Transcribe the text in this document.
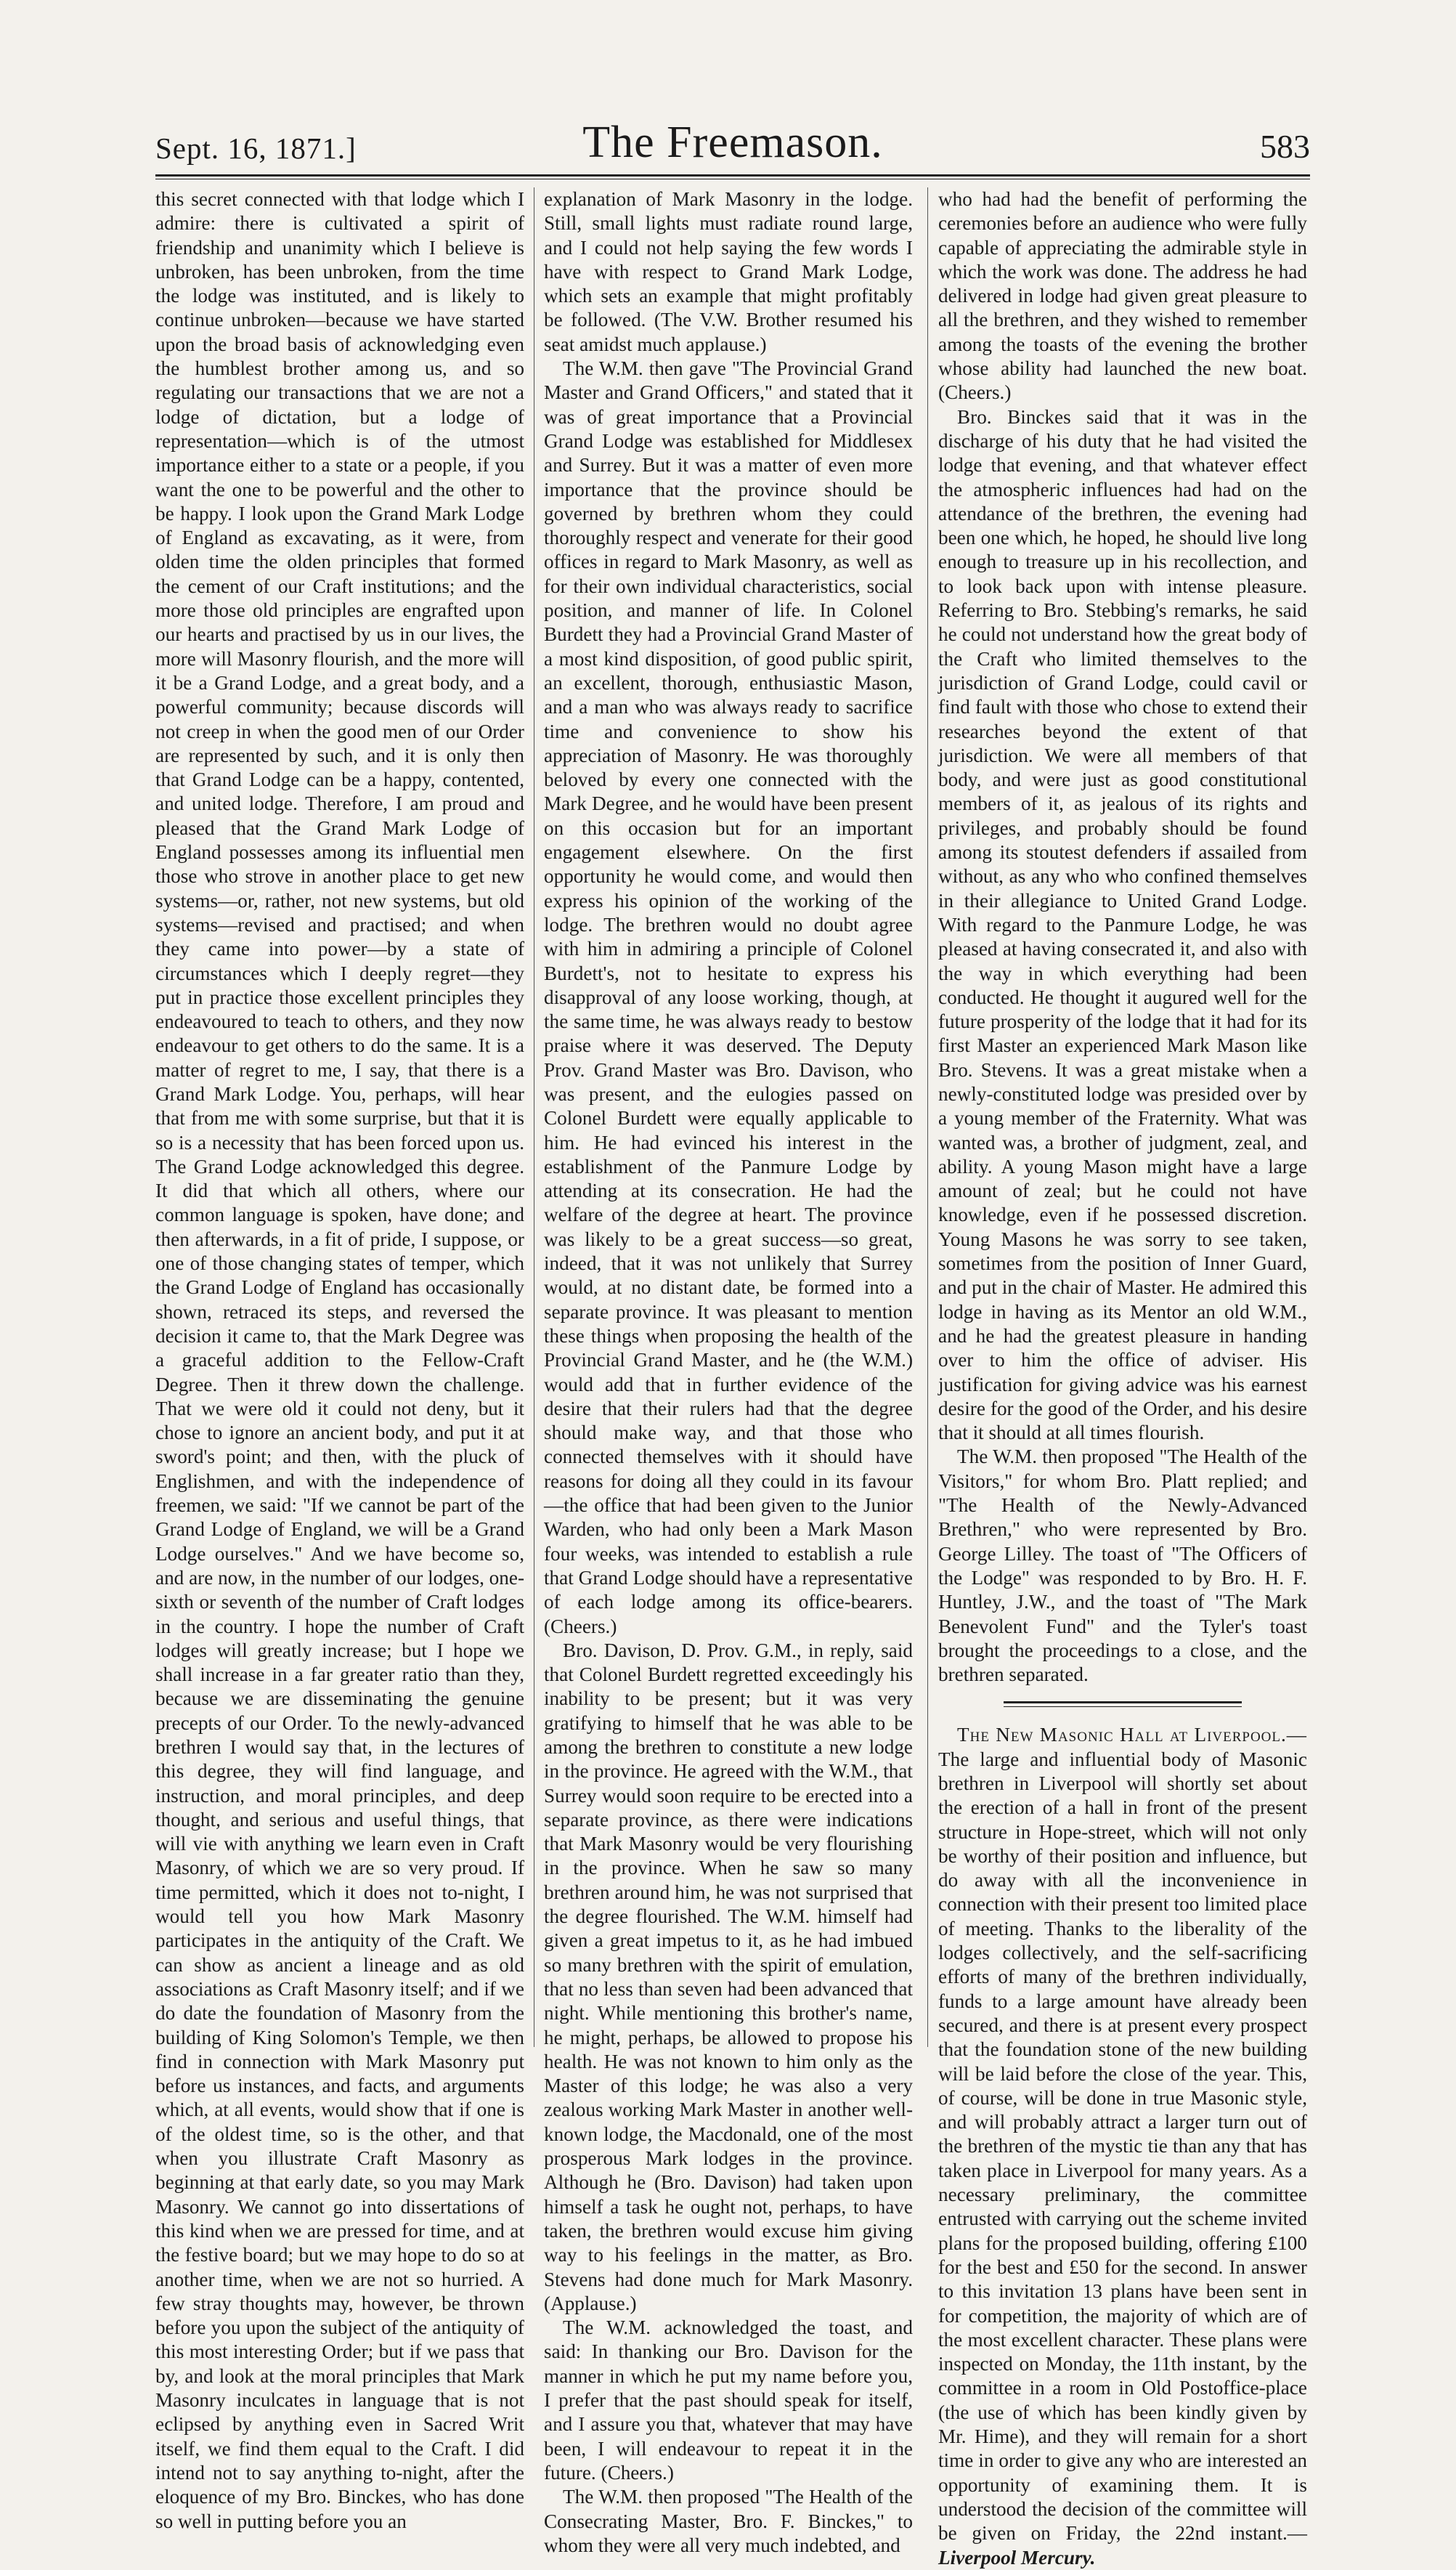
Sept. 16, 1871.]	The Freemason.	583

this secret connected with that lodge which I admire: there is cultivated a spirit of friendship and unanimity which I believe is unbroken, has been unbroken, from the time the lodge was instituted, and is likely to continue unbroken—because we have started upon the broad basis of acknowledging even the humblest brother among us, and so regulating our transactions that we are not a lodge of dictation, but a lodge of representation—which is of the utmost importance either to a state or a people, if you want the one to be powerful and the other to be happy. I look upon the Grand Mark Lodge of England as excavating, as it were, from olden time the olden principles that formed the cement of our Craft institutions; and the more those old principles are engrafted upon our hearts and practised by us in our lives, the more will Masonry flourish, and the more will it be a Grand Lodge, and a great body, and a powerful community; because discords will not creep in when the good men of our Order are represented by such, and it is only then that Grand Lodge can be a happy, contented, and united lodge. Therefore, I am proud and pleased that the Grand Mark Lodge of England possesses among its influential men those who strove in another place to get new systems—or, rather, not new systems, but old systems—revised and practised; and when they came into power—by a state of circumstances which I deeply regret—they put in practice those excellent principles they endeavoured to teach to others, and they now endeavour to get others to do the same. It is a matter of regret to me, I say, that there is a Grand Mark Lodge. You, perhaps, will hear that from me with some surprise, but that it is so is a necessity that has been forced upon us. The Grand Lodge acknowledged this degree. It did that which all others, where our common language is spoken, have done; and then afterwards, in a fit of pride, I suppose, or one of those changing states of temper, which the Grand Lodge of England has occasionally shown, retraced its steps, and reversed the decision it came to, that the Mark Degree was a graceful addition to the Fellow-Craft Degree. Then it threw down the challenge. That we were old it could not deny, but it chose to ignore an ancient body, and put it at sword's point; and then, with the pluck of Englishmen, and with the independence of freemen, we said: "If we cannot be part of the Grand Lodge of England, we will be a Grand Lodge ourselves." And we have become so, and are now, in the number of our lodges, one-sixth or seventh of the number of Craft lodges in the country. I hope the number of Craft lodges will greatly increase; but I hope we shall increase in a far greater ratio than they, because we are disseminating the genuine precepts of our Order. To the newly-advanced brethren I would say that, in the lectures of this degree, they will find language, and instruction, and moral principles, and deep thought, and serious and useful things, that will vie with anything we learn even in Craft Masonry, of which we are so very proud. If time permitted, which it does not to-night, I would tell you how Mark Masonry participates in the antiquity of the Craft. We can show as ancient a lineage and as old associations as Craft Masonry itself; and if we do date the foundation of Masonry from the building of King Solomon's Temple, we then find in connection with Mark Masonry put before us instances, and facts, and arguments which, at all events, would show that if one is of the oldest time, so is the other, and that when you illustrate Craft Masonry as beginning at that early date, so you may Mark Masonry. We cannot go into dissertations of this kind when we are pressed for time, and at the festive board; but we may hope to do so at another time, when we are not so hurried. A few stray thoughts may, however, be thrown before you upon the subject of the antiquity of this most interesting Order; but if we pass that by, and look at the moral principles that Mark Masonry inculcates in language that is not eclipsed by anything even in Sacred Writ itself, we find them equal to the Craft. I did intend not to say anything to-night, after the eloquence of my Bro. Binckes, who has done so well in putting before you an

explanation of Mark Masonry in the lodge. Still, small lights must radiate round large, and I could not help saying the few words I have with respect to Grand Mark Lodge, which sets an example that might profitably be followed. (The V.W. Brother resumed his seat amidst much applause.)

The W.M. then gave "The Provincial Grand Master and Grand Officers," and stated that it was of great importance that a Provincial Grand Lodge was established for Middlesex and Surrey. But it was a matter of even more importance that the province should be governed by brethren whom they could thoroughly respect and venerate for their good offices in regard to Mark Masonry, as well as for their own individual characteristics, social position, and manner of life. In Colonel Burdett they had a Provincial Grand Master of a most kind disposition, of good public spirit, an excellent, thorough, enthusiastic Mason, and a man who was always ready to sacrifice time and convenience to show his appreciation of Masonry. He was thoroughly beloved by every one connected with the Mark Degree, and he would have been present on this occasion but for an important engagement elsewhere. On the first opportunity he would come, and would then express his opinion of the working of the lodge. The brethren would no doubt agree with him in admiring a principle of Colonel Burdett's, not to hesitate to express his disapproval of any loose working, though, at the same time, he was always ready to bestow praise where it was deserved. The Deputy Prov. Grand Master was Bro. Davison, who was present, and the eulogies passed on Colonel Burdett were equally applicable to him. He had evinced his interest in the establishment of the Panmure Lodge by attending at its consecration. He had the welfare of the degree at heart. The province was likely to be a great success—so great, indeed, that it was not unlikely that Surrey would, at no distant date, be formed into a separate province. It was pleasant to mention these things when proposing the health of the Provincial Grand Master, and he (the W.M.) would add that in further evidence of the desire that their rulers had that the degree should make way, and that those who connected themselves with it should have reasons for doing all they could in its favour—the office that had been given to the Junior Warden, who had only been a Mark Mason four weeks, was intended to establish a rule that Grand Lodge should have a representative of each lodge among its office-bearers. (Cheers.)

Bro. Davison, D. Prov. G.M., in reply, said that Colonel Burdett regretted exceedingly his inability to be present; but it was very gratifying to himself that he was able to be among the brethren to constitute a new lodge in the province. He agreed with the W.M., that Surrey would soon require to be erected into a separate province, as there were indications that Mark Masonry would be very flourishing in the province. When he saw so many brethren around him, he was not surprised that the degree flourished. The W.M. himself had given a great impetus to it, as he had imbued so many brethren with the spirit of emulation, that no less than seven had been advanced that night. While mentioning this brother's name, he might, perhaps, be allowed to propose his health. He was not known to him only as the Master of this lodge; he was also a very zealous working Mark Master in another well-known lodge, the Macdonald, one of the most prosperous Mark lodges in the province. Although he (Bro. Davison) had taken upon himself a task he ought not, perhaps, to have taken, the brethren would excuse him giving way to his feelings in the matter, as Bro. Stevens had done much for Mark Masonry. (Applause.)

The W.M. acknowledged the toast, and said: In thanking our Bro. Davison for the manner in which he put my name before you, I prefer that the past should speak for itself, and I assure you that, whatever that may have been, I will endeavour to repeat it in the future. (Cheers.)

The W.M. then proposed "The Health of the Consecrating Master, Bro. F. Binckes," to whom they were all very much indebted, and

who had had the benefit of performing the ceremonies before an audience who were fully capable of appreciating the admirable style in which the work was done. The address he had delivered in lodge had given great pleasure to all the brethren, and they wished to remember among the toasts of the evening the brother whose ability had launched the new boat. (Cheers.)

Bro. Binckes said that it was in the discharge of his duty that he had visited the lodge that evening, and that whatever effect the atmospheric influences had had on the attendance of the brethren, the evening had been one which, he hoped, he should live long enough to treasure up in his recollection, and to look back upon with intense pleasure. Referring to Bro. Stebbing's remarks, he said he could not understand how the great body of the Craft who limited themselves to the jurisdiction of Grand Lodge, could cavil or find fault with those who chose to extend their researches beyond the extent of that jurisdiction. We were all members of that body, and were just as good constitutional members of it, as jealous of its rights and privileges, and probably should be found among its stoutest defenders if assailed from without, as any who who confined themselves in their allegiance to United Grand Lodge. With regard to the Panmure Lodge, he was pleased at having consecrated it, and also with the way in which everything had been conducted. He thought it augured well for the future prosperity of the lodge that it had for its first Master an experienced Mark Mason like Bro. Stevens. It was a great mistake when a newly-constituted lodge was presided over by a young member of the Fraternity. What was wanted was, a brother of judgment, zeal, and ability. A young Mason might have a large amount of zeal; but he could not have knowledge, even if he possessed discretion. Young Masons he was sorry to see taken, sometimes from the position of Inner Guard, and put in the chair of Master. He admired this lodge in having as its Mentor an old W.M., and he had the greatest pleasure in handing over to him the office of adviser. His justification for giving advice was his earnest desire for the good of the Order, and his desire that it should at all times flourish.

The W.M. then proposed "The Health of the Visitors," for whom Bro. Platt replied; and "The Health of the Newly-Advanced Brethren," who were represented by Bro. George Lilley. The toast of "The Officers of the Lodge" was responded to by Bro. H. F. Huntley, J.W., and the toast of "The Mark Benevolent Fund" and the Tyler's toast brought the proceedings to a close, and the brethren separated.

The New Masonic Hall at Liverpool.— The large and influential body of Masonic brethren in Liverpool will shortly set about the erection of a hall in front of the present structure in Hope-street, which will not only be worthy of their position and influence, but do away with all the inconvenience in connection with their present too limited place of meeting. Thanks to the liberality of the lodges collectively, and the self-sacrificing efforts of many of the brethren individually, funds to a large amount have already been secured, and there is at present every prospect that the foundation stone of the new building will be laid before the close of the year. This, of course, will be done in true Masonic style, and will probably attract a larger turn out of the brethren of the mystic tie than any that has taken place in Liverpool for many years. As a necessary preliminary, the committee entrusted with carrying out the scheme invited plans for the proposed building, offering £100 for the best and £50 for the second. In answer to this invitation 13 plans have been sent in for competition, the majority of which are of the most excellent character. These plans were inspected on Monday, the 11th instant, by the committee in a room in Old Postoffice-place (the use of which has been kindly given by Mr. Hime), and they will remain for a short time in order to give any who are interested an opportunity of examining them. It is understood the decision of the committee will be given on Friday, the 22nd instant.—Liverpool Mercury.
